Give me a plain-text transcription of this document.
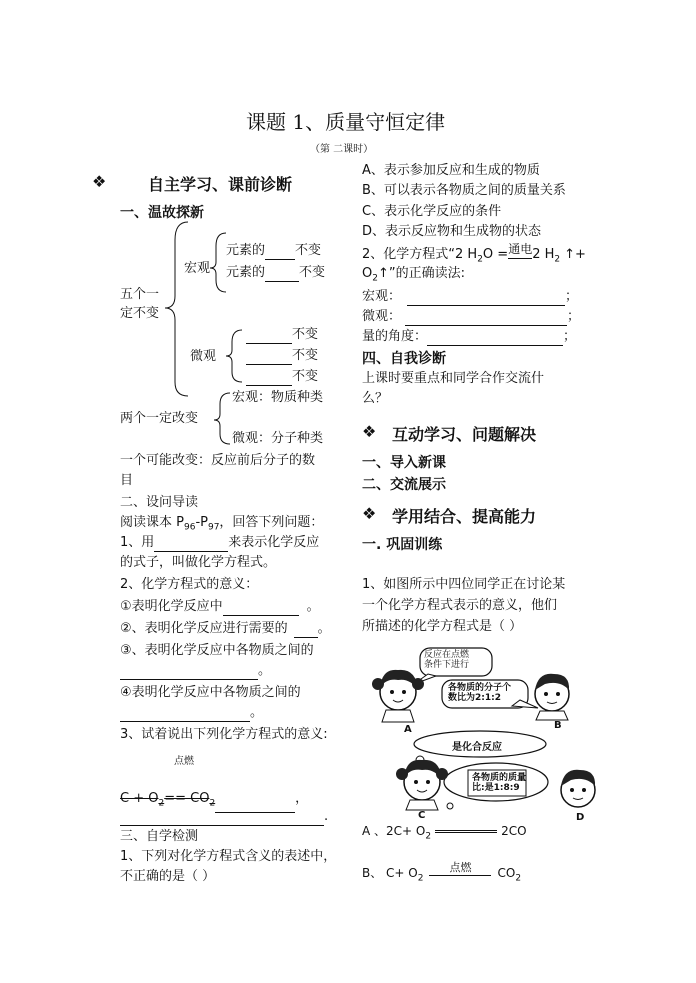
课题 1、质量守恒定律
（第 二课时）
❖	自主学习、课前诊断
一、温故探新
五个一
定不变
宏观
元素的 不变
元素的	不变
微观
不变
不变
不变
两个一定改变
宏观：物质种类
微观：分子种类
一个可能改变：反应前后分子的数
目
二、设问导读
阅读课本 $P_{96}-P_{97}$，回答下列问题：
1、用	来表示化学反应
的式子，叫做化学方程式。
2、化学方程式的意义：
①表明化学反应中	。
②、表明化学反应进行需要的 。
③、表明化学反应中各物质之间的
。
④表明化学反应中各物质之间的
。
3、试着说出下列化学方程式的意义:
点燃
$C + O_2== CO_2$	，
.
三、自学检测
1、下列对化学方程式含义的表述中，
不正确的是（ ）
A、表示参加反应和生成的物质
B、可以表示各物质之间的质量关系
C、表示化学反应的条件
D、表示反应物和生成物的状态
2、化学方程式“2 $H_2O$ =通电2 $H_2$ ↑+
$O_2↑$”的正确读法:
宏观：	；
微观：	；
量的角度：	；
四、自我诊断
上课时要重点和同学合作交流什
么？
❖ 互动学习、问题解决
一、导入新课
二、交流展示
❖ 学用结合、提高能力
一. 巩固训练
1、如图所示中四位同学正在讨论某
一个化学方程式表示的意义，他们
所描述的化学方程式是（ ）
反应在点燃
条件下进行
各物质的分子个
数比为2:1:2
是化合反应
各物质的质量
比:是1:8:9
A	B
C	D
A 、$2C+ O_2$	2CO
B、 $C+ O_2$点燃 $CO_2$
